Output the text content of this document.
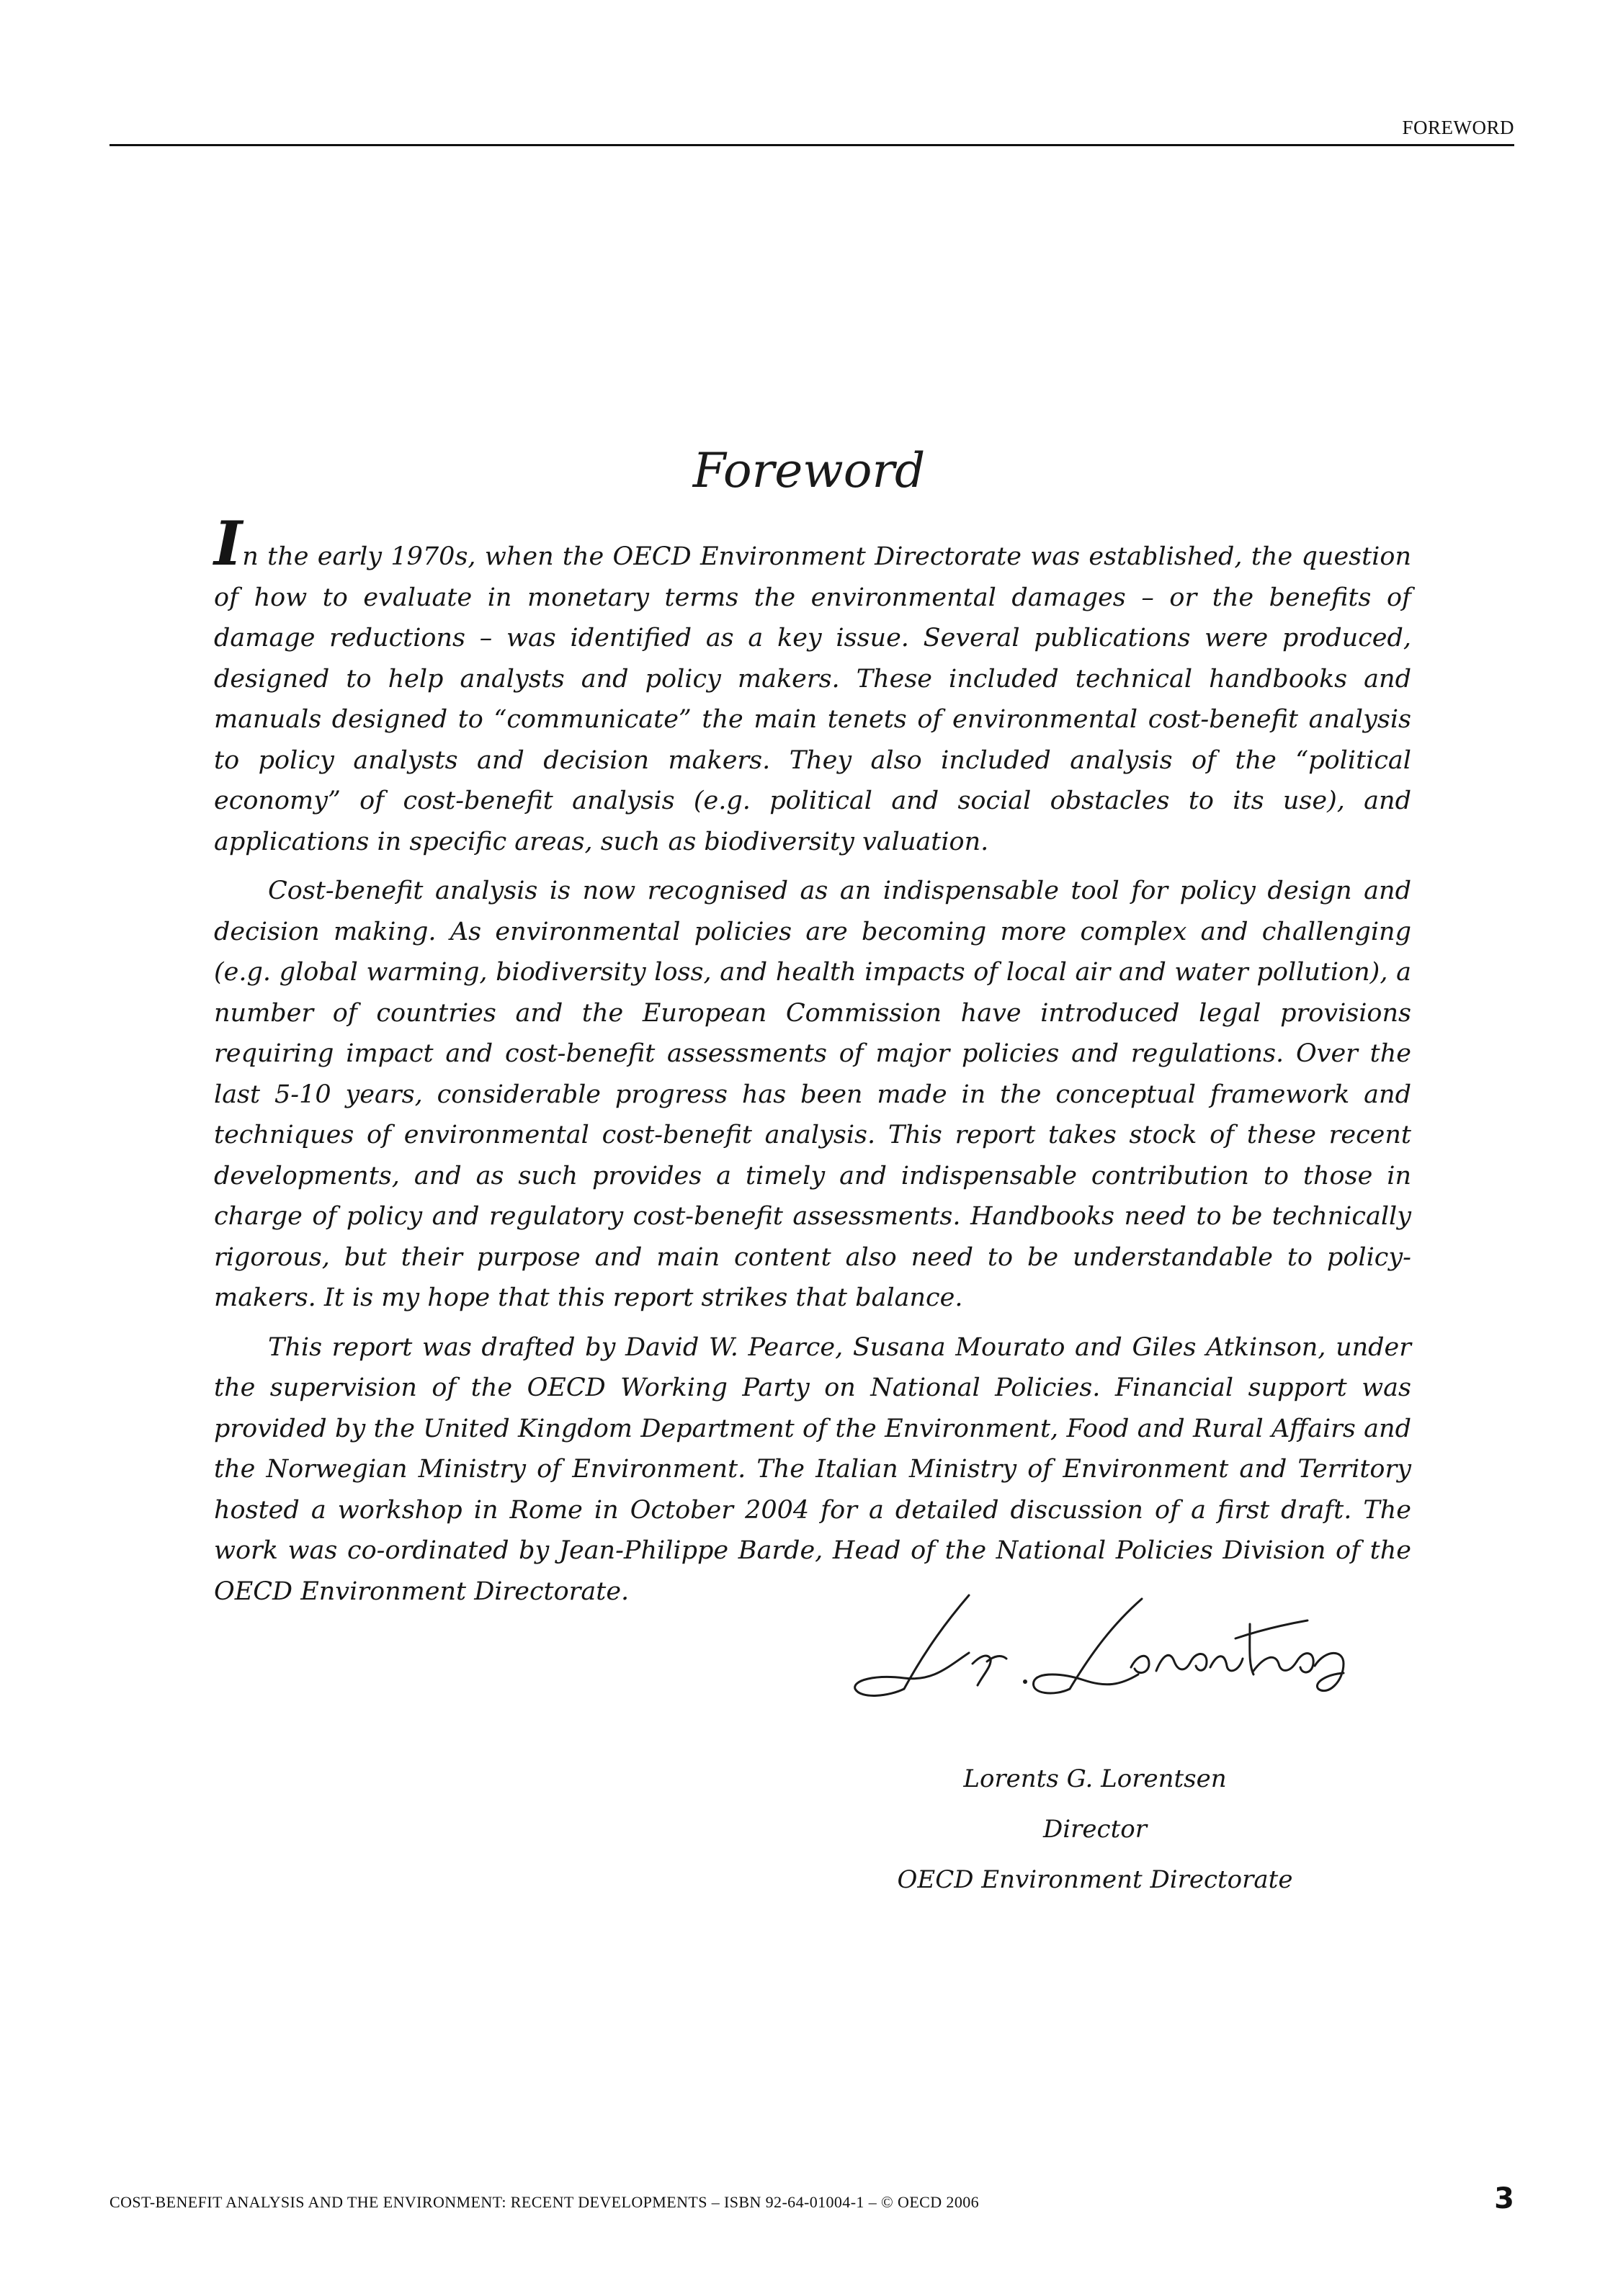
FOREWORD
Foreword

In the early 1970s, when the OECD Environment Directorate was established, the question of how to evaluate in monetary terms the environmental damages – or the benefits of damage reductions – was identified as a key issue. Several publications were produced, designed to help analysts and policy makers. These included technical handbooks and manuals designed to “communicate” the main tenets of environmental cost-benefit analysis to policy analysts and decision makers. They also included analysis of the “political economy” of cost-benefit analysis (e.g. political and social obstacles to its use), and applications in specific areas, such as biodiversity valuation.

Cost-benefit analysis is now recognised as an indispensable tool for policy design and decision making. As environmental policies are becoming more complex and challenging (e.g. global warming, biodiversity loss, and health impacts of local air and water pollution), a number of countries and the European Commission have introduced legal provisions requiring impact and cost-benefit assessments of major policies and regulations. Over the last 5-10 years, considerable progress has been made in the conceptual framework and techniques of environmental cost-benefit analysis. This report takes stock of these recent developments, and as such provides a timely and indispensable contribution to those in charge of policy and regulatory cost-benefit assessments. Handbooks need to be technically rigorous, but their purpose and main content also need to be understandable to policy-makers. It is my hope that this report strikes that balance.

This report was drafted by David W. Pearce, Susana Mourato and Giles Atkinson, under the supervision of the OECD Working Party on National Policies. Financial support was provided by the United Kingdom Department of the Environment, Food and Rural Affairs and the Norwegian Ministry of Environment. The Italian Ministry of Environment and Territory hosted a workshop in Rome in October 2004 for a detailed discussion of a first draft. The work was co-ordinated by Jean-Philippe Barde, Head of the National Policies Division of the OECD Environment Directorate.

Lorents G. Lorentsen
Director
OECD Environment Directorate
COST-BENEFIT ANALYSIS AND THE ENVIRONMENT: RECENT DEVELOPMENTS – ISBN 92-64-01004-1 – © OECD 2006	3
